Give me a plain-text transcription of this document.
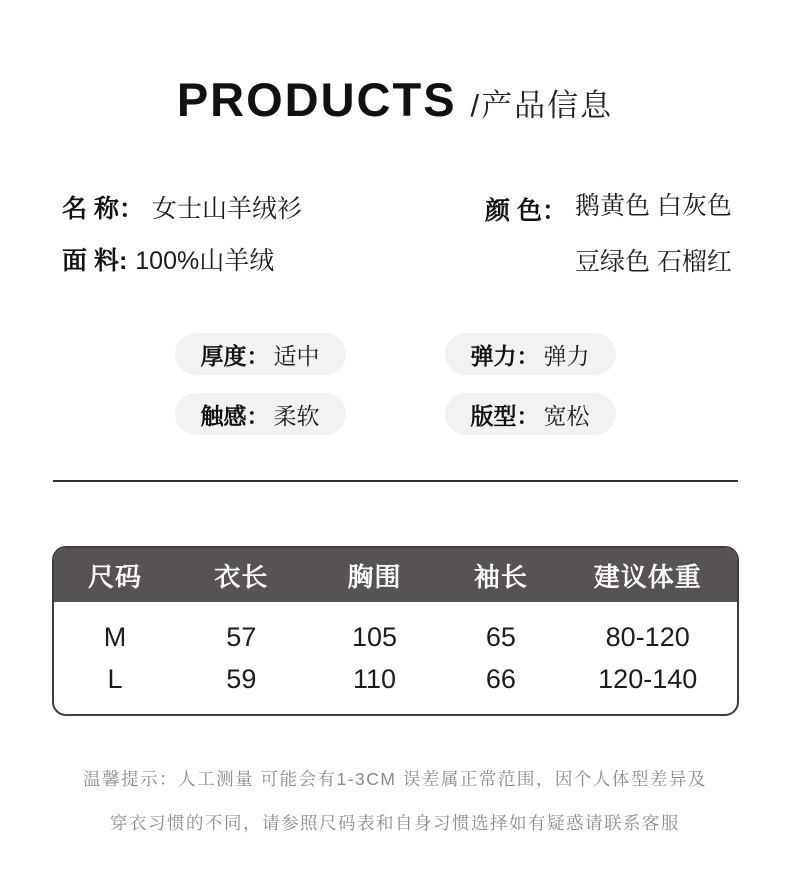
PRODUCTS /产品信息
名 称： 女士山羊绒衫
面 料: 100%山羊绒
颜 色： 鹅黄色 白灰色
豆绿色 石榴红
厚度： 适中	弹力： 弹力
触感： 柔软	版型： 宽松
尺码	衣长	胸围	袖长	建议体重
M	57	105	65	80-120
L	59	110	66	120-140
温馨提示：人工测量 可能会有1-3CM 误差属正常范围，因个人体型差异及
穿衣习惯的不同，请参照尺码表和自身习惯选择如有疑惑请联系客服
